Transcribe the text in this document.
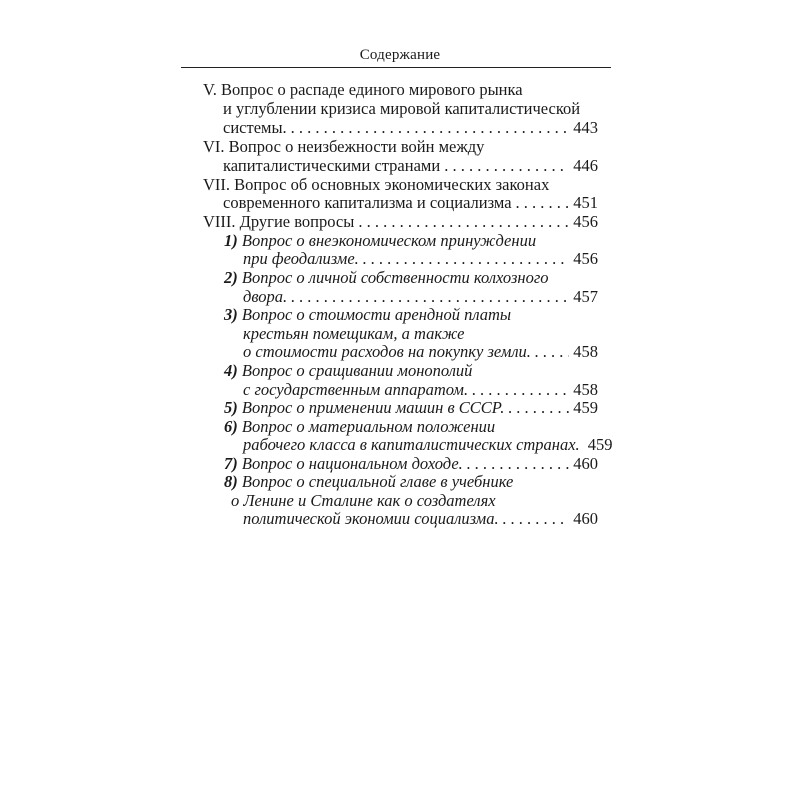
Содержание
V. Вопрос о распаде единого мирового рынка
и углублении кризиса мировой капиталистической
системы. . . .	443
VI. Вопрос о неизбежности войн между
капиталистическими странами . . .	446
VII. Вопрос об основных экономических законах
современного капитализма и социализма . . .	451
VIII. Другие вопросы . . .	456
1)
Вопрос о внеэкономическом принуждении
при феодализме. . . .	456
2)
Вопрос о личной собственности колхозного
двора. . . .	457
3)
Вопрос о стоимости арендной платы
крестьян помещикам, а также
о стоимости расходов на покупку земли. . . .	458
4)
Вопрос о сращивании монополий
с государственным аппаратом. . . .	458
5)
Вопрос о применении машин в СССР. . . .	459
6)
Вопрос о материальном положении
рабочего класса в капиталистических странах. 459
7)
Вопрос о национальном доходе. . . .	460
8)
Вопрос о специальной главе в учебнике
о Ленине и Сталине как о создателях
политической экономии социализма. . . .	460
